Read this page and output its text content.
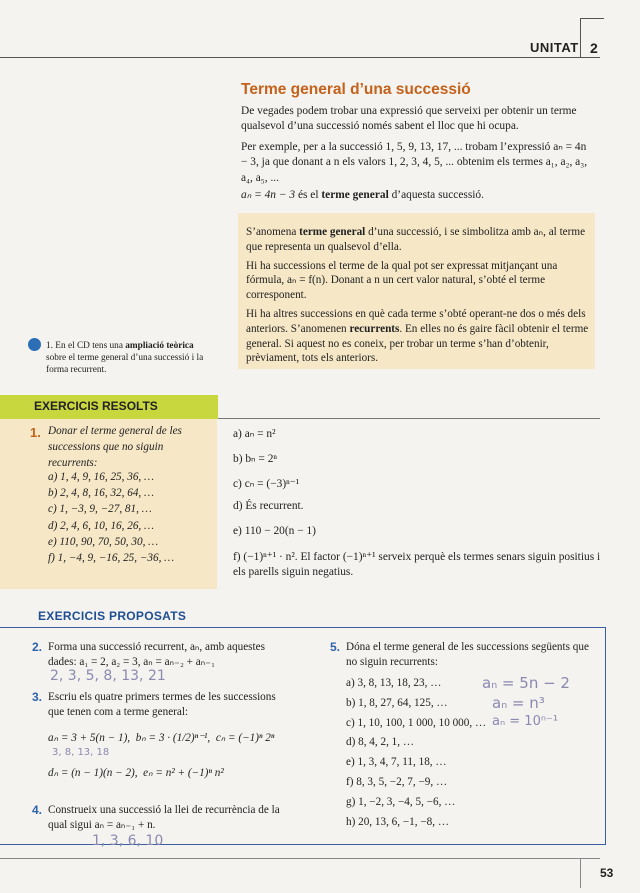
UNITAT 2
Terme general d’una successió
De vegades podem trobar una expressió que serveixi per obtenir un terme qualsevol d’una successió només sabent el lloc que hi ocupa.
Per exemple, per a la successió 1, 5, 9, 13, 17, ... trobam l’expressió aₙ = 4n − 3, ja que donant a n els valors 1, 2, 3, 4, 5, ... obtenim els termes a₁, a₂, a₃, a₄, a₅, ...
aₙ = 4n − 3 és el terme general d’aquesta successió.

S’anomena terme general d’una successió, i se simbolitza amb aₙ, al terme que representa un qualsevol d’ella.

Hi ha successions el terme de la qual pot ser expressat mitjançant una fórmula, aₙ = f(n). Donant a n un cert valor natural, s’obté el terme corresponent.

Hi ha altres successions en què cada terme s’obté operant-ne dos o més dels anteriors. S’anomenen recurrents. En elles no és gaire fàcil obtenir el terme general. Si aquest no es coneix, per trobar un terme s’han d’obtenir, prèviament, tots els anteriors.

1. En el CD tens una ampliació teòrica sobre el terme general d’una successió i la forma recurrent.
EXERCICIS RESOLTS
1. Donar el terme general de les successions que no siguin recurrents:
a) 1, 4, 9, 16, 25, 36, …
b) 2, 4, 8, 16, 32, 64, …
c) 1, −3, 9, −27, 81, …
d) 2, 4, 6, 10, 16, 26, …
e) 110, 90, 70, 50, 30, …
f) 1, −4, 9, −16, 25, −36, …
a) aₙ = n²
b) bₙ = 2ⁿ
c) cₙ = (−3)ⁿ⁻¹
d) És recurrent.
e) 110 − 20(n − 1)
f) (−1)ⁿ⁺¹ · n². El factor (−1)ⁿ⁺¹ serveix perquè els termes senars siguin positius i els parells siguin negatius.
EXERCICIS PROPOSATS
2. Forma una successió recurrent, aₙ, amb aquestes dades: a₁ = 2, a₂ = 3, aₙ = aₙ₋₂ + aₙ₋₁
2, 3, 5, 8, 13, 21
3. Escriu els quatre primers termes de les successions que tenen com a terme general:
aₙ = 3 + 5(n − 1), bₙ = 3 · (1/2)ⁿ⁻¹, cₙ = (−1)ⁿ 2ⁿ
3, 8, 13, 18
dₙ = (n − 1)(n − 2), eₙ = n² + (−1)ⁿ n²
4. Construeix una successió la llei de recurrència de la qual sigui aₙ = aₙ₋₁ + n.
1, 3, 6, 10
5. Dóna el terme general de les successions següents que no siguin recurrents:
a) 3, 8, 13, 18, 23, …
b) 1, 8, 27, 64, 125, …
c) 1, 10, 100, 1 000, 10 000, …
d) 8, 4, 2, 1, …
e) 1, 3, 4, 7, 11, 18, …
f) 8, 3, 5, −2, 7, −9, …
g) 1, −2, 3, −4, 5, −6, …
h) 20, 13, 6, −1, −8, …
aₙ = 5n − 2
aₙ = n³
aₙ = 10ⁿ⁻¹
53
